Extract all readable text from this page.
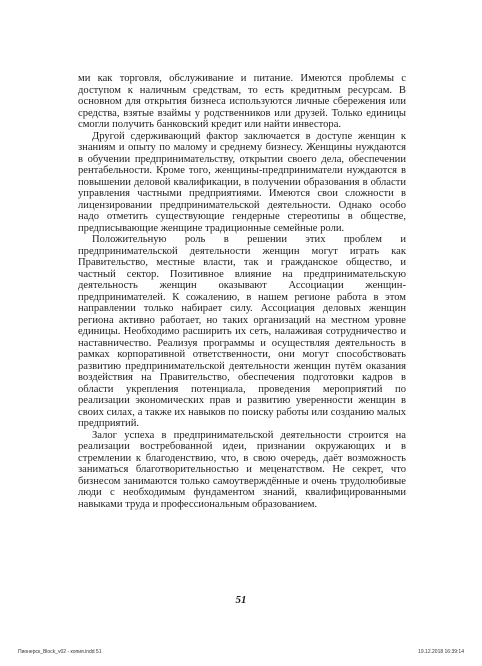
ми как торговля, обслуживание и питание. Имеются проблемы с доступом к наличным средствам, то есть кредитным ресурсам. В основном для открытия бизнеса используются личные сбережения или средства, взятые взаймы у родственников или друзей. Только единицы смогли получить банковский кредит или найти инвестора.

Другой сдерживающий фактор заключается в доступе женщин к знаниям и опыту по малому и среднему бизнесу. Женщины нуждаются в обучении предпринимательству, открытии своего дела, обеспечении рентабельности. Кроме того, женщины-предприниматели нуждаются в повышении деловой квалификации, в получении образования в области управления частными предприятиями. Имеются свои сложности в лицензировании предпринимательской деятельности. Однако особо надо отметить существующие гендерные стереотипы в обществе, предписывающие женщине традиционные семейные роли.

Положительную роль в решении этих проблем и предпринимательской деятельности женщин могут играть как Правительство, местные власти, так и гражданское общество, и частный сектор. Позитивное влияние на предпринимательскую деятельность женщин оказывают Ассоциации женщин-предпринимателей. К сожалению, в нашем регионе работа в этом направлении только набирает силу. Ассоциация деловых женщин региона активно работает, но таких организаций на местном уровне единицы. Необходимо расширить их сеть, налаживая сотрудничество и наставничество. Реализуя программы и осуществляя деятельность в рамках корпоративной ответственности, они могут способствовать развитию предпринимательской деятельности женщин путём оказания воздействия на Правительство, обеспечения подготовки кадров в области укрепления потенциала, проведения мероприятий по реализации экономических прав и развитию уверенности женщин в своих силах, а также их навыков по поиску работы или созданию малых предприятий.

Залог успеха в предпринимательской деятельности строится на реализации востребованной идеи, признании окружающих и в стремлении к благоденствию, что, в свою очередь, даёт возможность заниматься благотворительностью и меценатством. Не секрет, что бизнесом занимаются только самоутверждённые и очень трудолюбивые люди с необходимым фундаментом знаний, квалифицированными навыками труда и профессиональным образованием.

51
Пионерск_Block_v02 - копия.indd 51	19.12.2018 16:39:14
